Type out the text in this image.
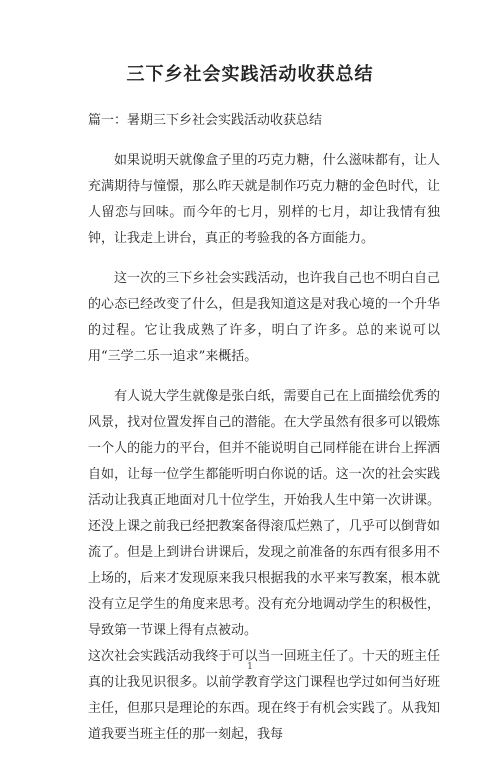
三下乡社会实践活动收获总结

篇一：暑期三下乡社会实践活动收获总结

如果说明天就像盒子里的巧克力糖，什么滋味都有，让人充满期待与憧憬，那么昨天就是制作巧克力糖的金色时代，让人留恋与回味。而今年的七月，别样的七月，却让我情有独钟，让我走上讲台，真正的考验我的各方面能力。

这一次的三下乡社会实践活动，也许我自己也不明白自己的心态已经改变了什么，但是我知道这是对我心境的一个升华的过程。它让我成熟了许多，明白了许多。总的来说可以用“三学二乐一追求”来概括。

有人说大学生就像是张白纸，需要自己在上面描绘优秀的风景，找对位置发挥自己的潜能。在大学虽然有很多可以锻炼一个人的能力的平台，但并不能说明自己同样能在讲台上挥洒自如，让每一位学生都能听明白你说的话。这一次的社会实践活动让我真正地面对几十位学生，开始我人生中第一次讲课。还没上课之前我已经把教案备得滚瓜烂熟了，几乎可以倒背如流了。但是上到讲台讲课后，发现之前准备的东西有很多用不上场的，后来才发现原来我只根据我的水平来写教案，根本就没有立足学生的角度来思考。没有充分地调动学生的积极性，导致第一节课上得有点被动。

这次社会实践活动我终于可以当一回班主任了。十天的班主任真的让我见识很多。以前学教育学这门课程也学过如何当好班主任，但那只是理论的东西。现在终于有机会实践了。从我知道我要当班主任的那一刻起，我每

1
